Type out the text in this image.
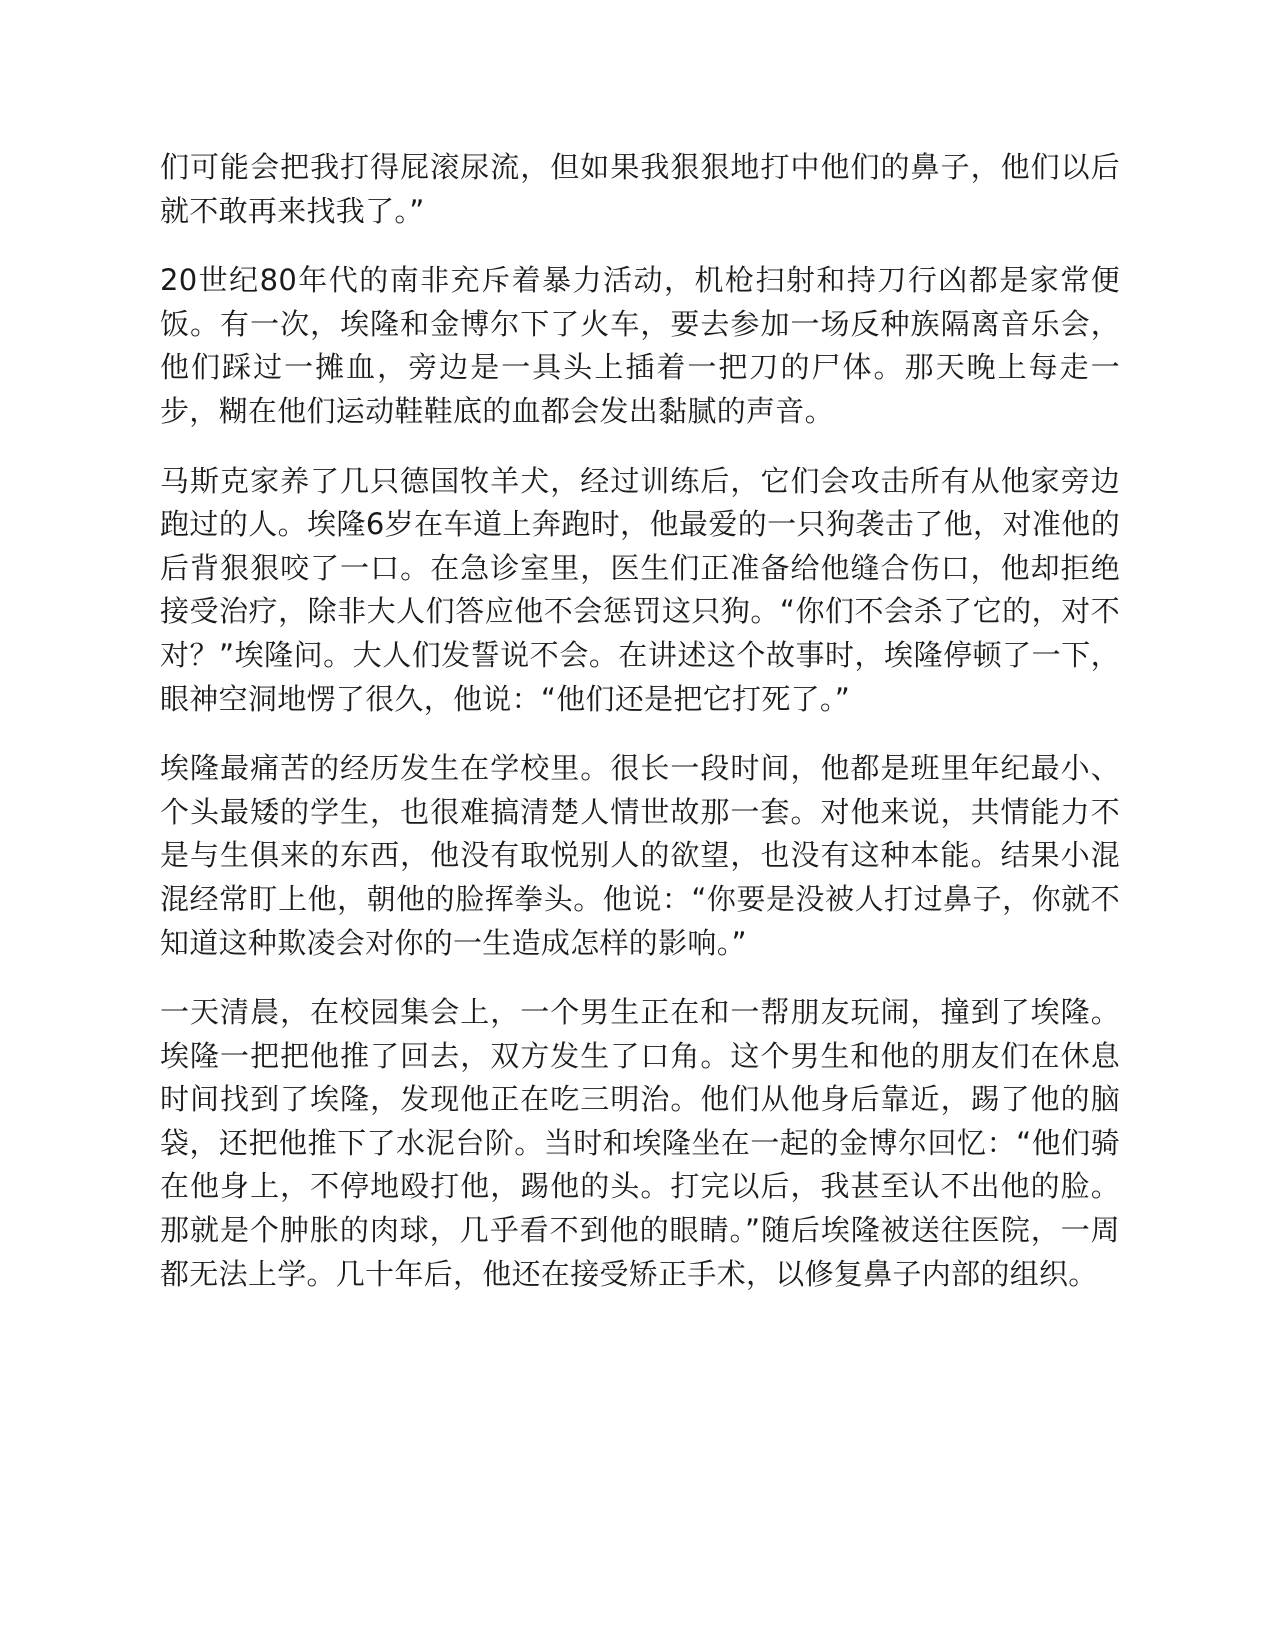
们可能会把我打得屁滚尿流，但如果我狠狠地打中他们的鼻子，他们以后就不敢再来找我了。”

20世纪80年代的南非充斥着暴力活动，机枪扫射和持刀行凶都是家常便饭。有一次，埃隆和金博尔下了火车，要去参加一场反种族隔离音乐会，他们踩过一摊血，旁边是一具头上插着一把刀的尸体。那天晚上每走一步，糊在他们运动鞋鞋底的血都会发出黏腻的声音。

马斯克家养了几只德国牧羊犬，经过训练后，它们会攻击所有从他家旁边跑过的人。埃隆6岁在车道上奔跑时，他最爱的一只狗袭击了他，对准他的后背狠狠咬了一口。在急诊室里，医生们正准备给他缝合伤口，他却拒绝接受治疗，除非大人们答应他不会惩罚这只狗。“你们不会杀了它的，对不对？”埃隆问。大人们发誓说不会。在讲述这个故事时，埃隆停顿了一下，眼神空洞地愣了很久，他说：“他们还是把它打死了。”

埃隆最痛苦的经历发生在学校里。很长一段时间，他都是班里年纪最小、个头最矮的学生，也很难搞清楚人情世故那一套。对他来说，共情能力不是与生俱来的东西，他没有取悦别人的欲望，也没有这种本能。结果小混混经常盯上他，朝他的脸挥拳头。他说：“你要是没被人打过鼻子，你就不知道这种欺凌会对你的一生造成怎样的影响。”

一天清晨，在校园集会上，一个男生正在和一帮朋友玩闹，撞到了埃隆。埃隆一把把他推了回去，双方发生了口角。这个男生和他的朋友们在休息时间找到了埃隆，发现他正在吃三明治。他们从他身后靠近，踢了他的脑袋，还把他推下了水泥台阶。当时和埃隆坐在一起的金博尔回忆：“他们骑在他身上，不停地殴打他，踢他的头。打完以后，我甚至认不出他的脸。那就是个肿胀的肉球，几乎看不到他的眼睛。”随后埃隆被送往医院，一周都无法上学。几十年后，他还在接受矫正手术，以修复鼻子内部的组织。
